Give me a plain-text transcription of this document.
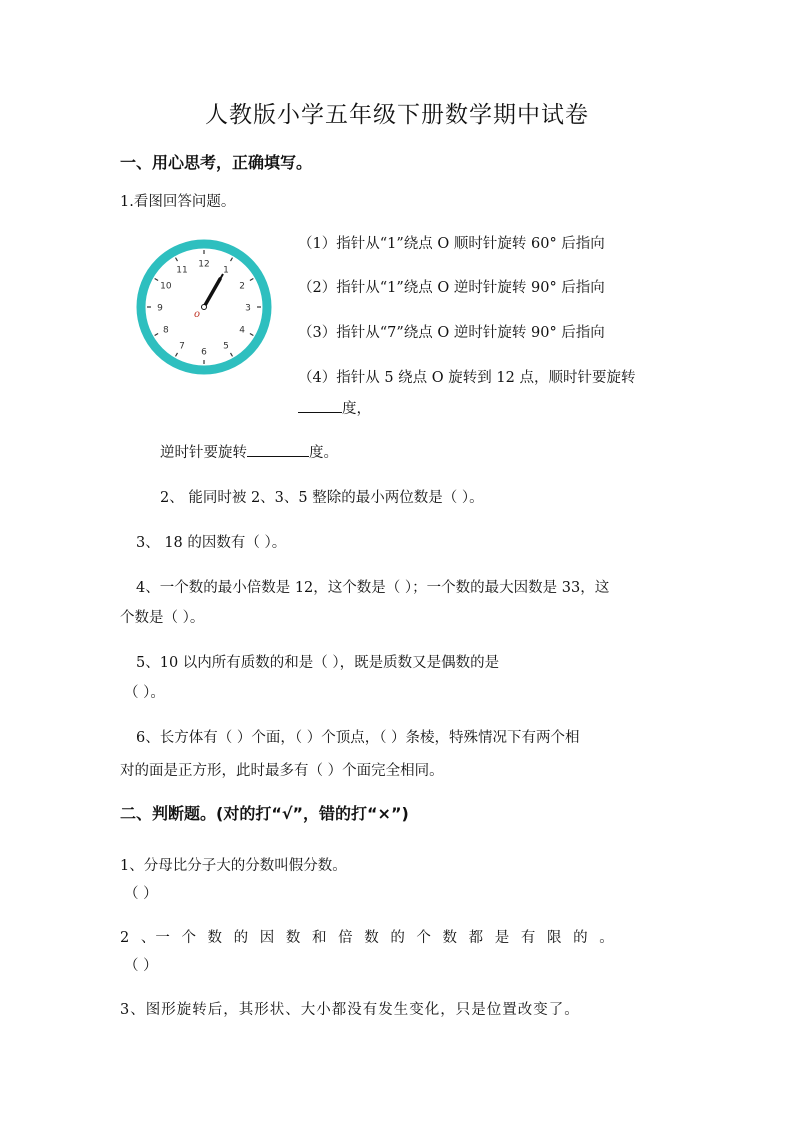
人教版小学五年级下册数学期中试卷
一、用心思考，正确填写。
1.看图回答问题。
12
1
2
3
4
5
6
7
8
9
10
11
o
（1）指针从“1”绕点 O 顺时针旋转 60° 后指向
（2）指针从“1”绕点 O 逆时针旋转 90° 后指向
（3）指针从“7”绕点 O 逆时针旋转 90° 后指向
（4）指针从 5 绕点 O 旋转到 12 点，顺时针要旋转
度，
逆时针要旋转	度。
2、 能同时被 2、3、5 整除的最小两位数是（ ）。
3、 18 的因数有（ ）。
4、一个数的最小倍数是 12，这个数是（ ）；一个数的最大因数是 33，这
个数是（ ）。
5、10 以内所有质数的和是（ ），既是质数又是偶数的是
（ ）。
6、长方体有（ ）个面，（ ）个顶点，（ ）条棱，特殊情况下有两个相
对的面是正方形，此时最多有（ ）个面完全相同。
二、判断题。(对的打“√”，错的打“×”)
1、分母比分子大的分数叫假分数。
（ ）
2 、一 个 数 的 因 数 和 倍 数 的 个 数 都 是 有 限 的 。
（ ）
3、图形旋转后，其形状、大小都没有发生变化，只是位置改变了。
